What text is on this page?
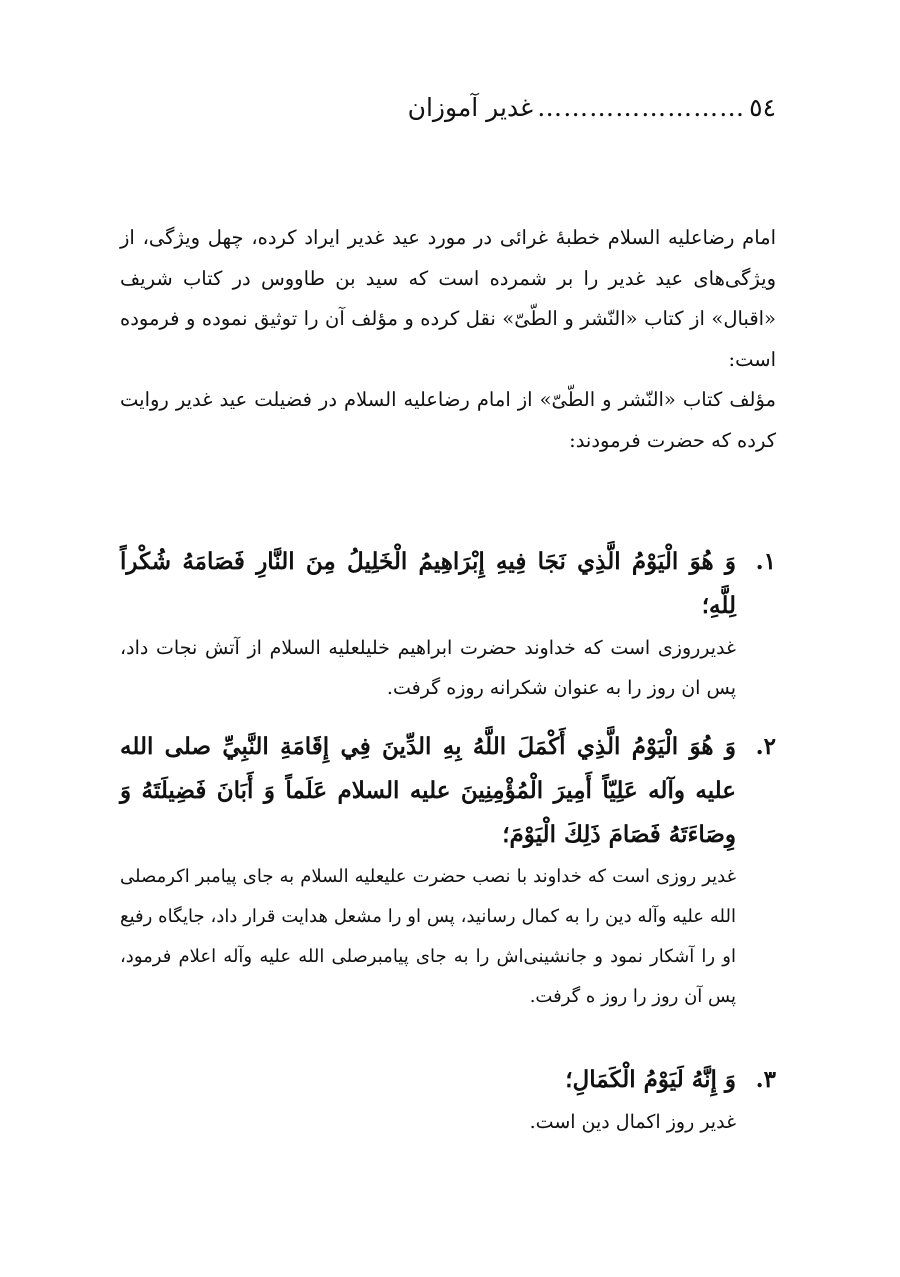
٥٤
……………………
غدیر آموزان

امام رضاعليه السلام خطبهٔ غرائی در مورد عید غدیر ایراد کرده، چهل ویژگی، از ویژگی‌های عید غدیر را بر شمرده است که سید بن طاووس در کتاب شریف «اقبال» از کتاب «النّشر و الطّیّ» نقل کرده و مؤلف آن را توثیق نموده و فرموده است:

مؤلف کتاب «النّشر و الطّیّ» از امام رضاعليه السلام در فضیلت عید غدیر روایت کرده که حضرت فرمودند:

١.
وَ هُوَ الْيَوْمُ الَّذِي نَجَا فِيهِ إِبْرَاهِيمُ الْخَلِيلُ مِنَ النَّارِ فَصَامَهُ شُكْراً لِلَّهِ؛
غدیرروزی است که خداوند حضرت ابراهیم خلیلعليه السلام از آتش نجات داد، پس ان روز را به عنوان شکرانه روزه گرفت.
٢.
وَ هُوَ الْيَوْمُ الَّذِي أَكْمَلَ اللَّهُ بِهِ الدِّينَ فِي إِقَامَةِ النَّبِيِّ صلى الله عليه وآله عَلِيّاً أَمِيرَ الْمُؤْمِنِينَ عليه السلام عَلَماً وَ أَبَانَ فَضِيلَتَهُ وَ وِصَاءَتَهُ فَصَامَ ذَلِكَ الْيَوْمَ؛
غدیر روزی است که خداوند با نصب حضرت علیعليه السلام به جای پیامبر اکرمصلى الله عليه وآله دین را به کمال رسانید، پس او را مشعل هدایت قرار داد، جایگاه رفیع او را آشکار نمود و جانشینی‌اش را به جای پیامبرصلى الله عليه وآله اعلام فرمود، پس آن روز را روز ه گرفت.
٣.
وَ إِنَّهُ لَيَوْمُ الْكَمَالِ؛
غدیر روز اکمال دین است.
